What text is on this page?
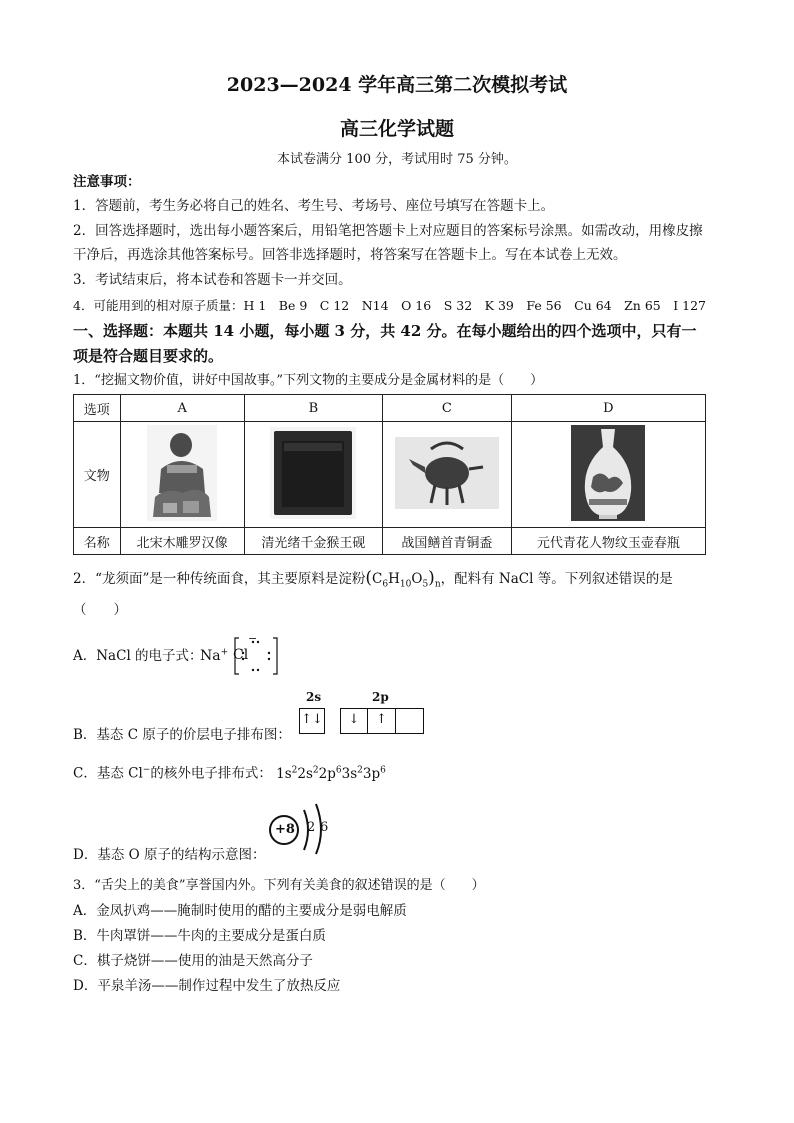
2023—2024 学年高三第二次模拟考试
高三化学试题
本试卷满分 100 分，考试用时 75 分钟。
注意事项：
1．答题前，考生务必将自己的姓名、考生号、考场号、座位号填写在答题卡上。
2．回答选择题时，选出每小题答案后，用铅笔把答题卡上对应题目的答案标号涂黑。如需改动，用橡皮擦
干净后，再选涂其他答案标号。回答非选择题时，将答案写在答题卡上。写在本试卷上无效。
3．考试结束后，将本试卷和答题卡一并交回。
4．可能用到的相对原子质量：H 1　Be 9　C 12　N14　O 16　S 32　K 39　Fe 56　Cu 64　Zn 65　I 127
一、选择题：本题共 14 小题，每小题 3 分，共 42 分。在每小题给出的四个选项中，只有一
项是符合题目要求的。
1．“挖掘文物价值，讲好中国故事。”下列文物的主要成分是金属材料的是（　　）
选项	A	B	C	D
文物				
名称	北宋木雕罗汉像	清光绪千金猴王砚	战国鳝首青铜盉	元代青花人物纹玉壶春瓶
2．“龙须面”是一种传统面食，其主要原料是淀粉$(C_6H_{10}O_5)_n$，配料有 NaCl 等。下列叙述错误的是
（　　）
A．NaCl 的电子式：
Na+ Cl
−
B．基态 C 原子的价层电子排布图：
2s	2p
↑↓	↓	↑
C．基态 Cl−的核外电子排布式： $1s^22s^22p^63s^23p^6$
+8 2 6
D．基态 O 原子的结构示意图：
3．“舌尖上的美食”享誉国内外。下列有关美食的叙述错误的是（　　）
A．金凤扒鸡——腌制时使用的醋的主要成分是弱电解质
B．牛肉罩饼——牛肉的主要成分是蛋白质
C．棋子烧饼——使用的油是天然高分子
D．平泉羊汤——制作过程中发生了放热反应
